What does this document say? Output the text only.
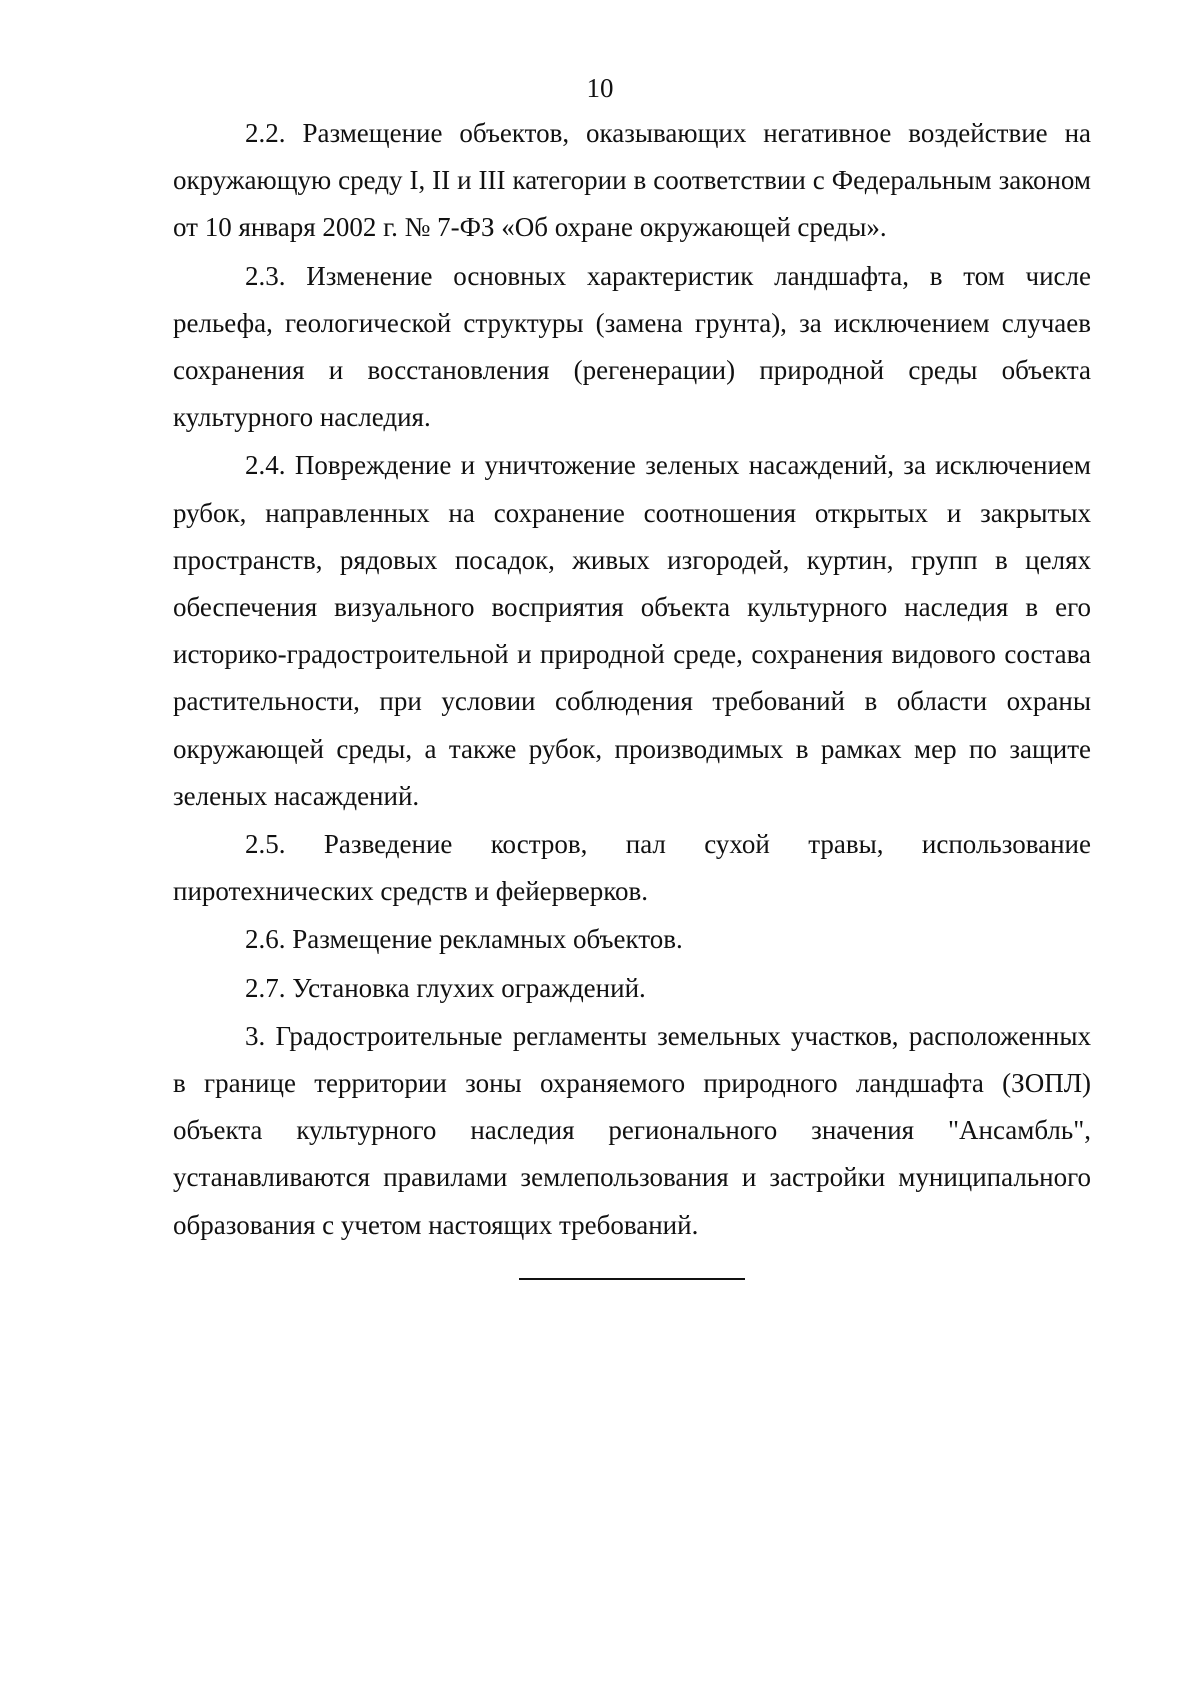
10

2.2. Размещение объектов, оказывающих негативное воздействие на окружающую среду I, II и III категории в соответствии с Федеральным законом от 10 января 2002 г. № 7-ФЗ «Об охране окружающей среды».

2.3. Изменение основных характеристик ландшафта, в том числе рельефа, геологической структуры (замена грунта), за исключением случаев сохранения и восстановления (регенерации) природной среды объекта культурного наследия.

2.4. Повреждение и уничтожение зеленых насаждений, за исключением рубок, направленных на сохранение соотношения открытых и закрытых пространств, рядовых посадок, живых изгородей, куртин, групп в целях обеспечения визуального восприятия объекта культурного наследия в его историко-градостроительной и природной среде, сохранения видового состава растительности, при условии соблюдения требований в области охраны окружающей среды, а также рубок, производимых в рамках мер по защите зеленых насаждений.

2.5. Разведение костров, пал сухой травы, использование пиротехнических средств и фейерверков.

2.6. Размещение рекламных объектов.

2.7. Установка глухих ограждений.

3. Градостроительные регламенты земельных участков, расположенных в границе территории зоны охраняемого природного ландшафта (ЗОПЛ) объекта культурного наследия регионального значения "Ансамбль", устанавливаются правилами землепользования и застройки муниципального образования с учетом настоящих требований.
